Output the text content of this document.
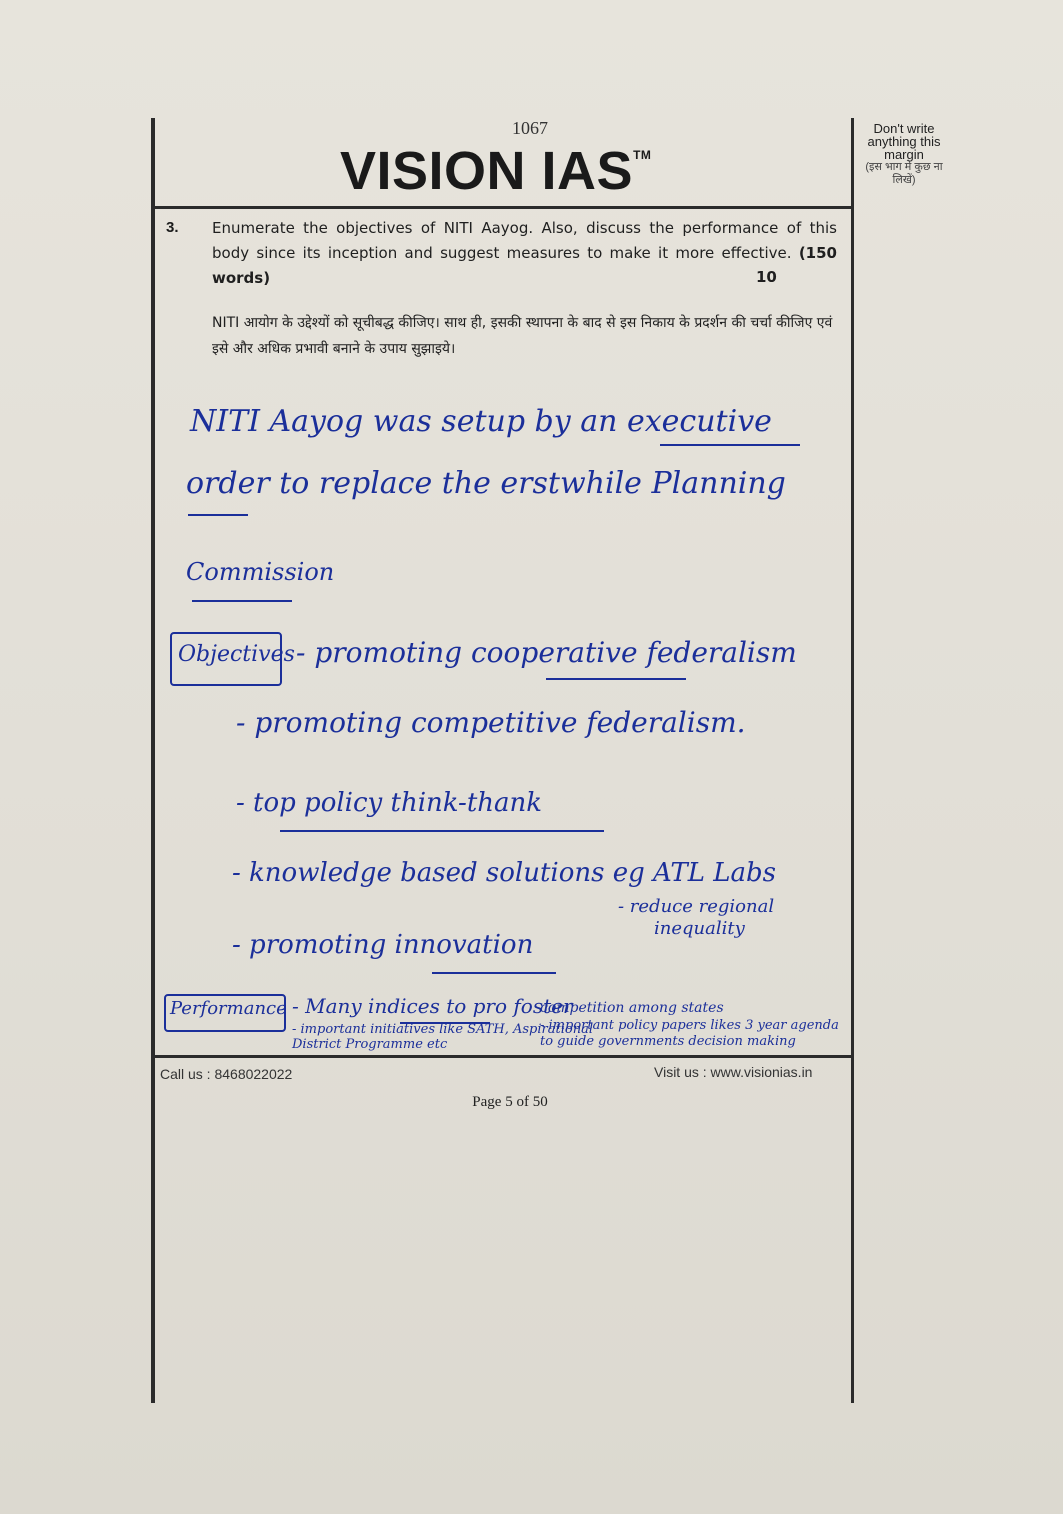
1067
VISION IAS™
Don't write anything this margin
(इस भाग में कुछ ना लिखें)
3. Enumerate the objectives of NITI Aayog. Also, discuss the performance of this body since its inception and suggest measures to make it more effective. (150 words)	10
NITI आयोग के उद्देश्यों को सूचीबद्ध कीजिए। साथ ही, इसकी स्थापना के बाद से इस निकाय के प्रदर्शन की चर्चा कीजिए एवं इसे और अधिक प्रभावी बनाने के उपाय सुझाइये।
NITI Aayog was setup by an executive
order to replace the erstwhile Planning
Commission
Objectives - promoting cooperative federalism
- promoting competitive federalism.
- top policy think-thank
- knowledge based solutions eg ATL Labs
- promoting innovation
- reduce regional
inequality
Call us : 8468022022	Visit us : www.visionias.in
Page 5 of 50
Performance - Many indices to pro foster
competition among states
- important policy papers likes 3 year agenda
to guide governments decision making
- important initiatives like SATH, Aspirational
District Programme etc
